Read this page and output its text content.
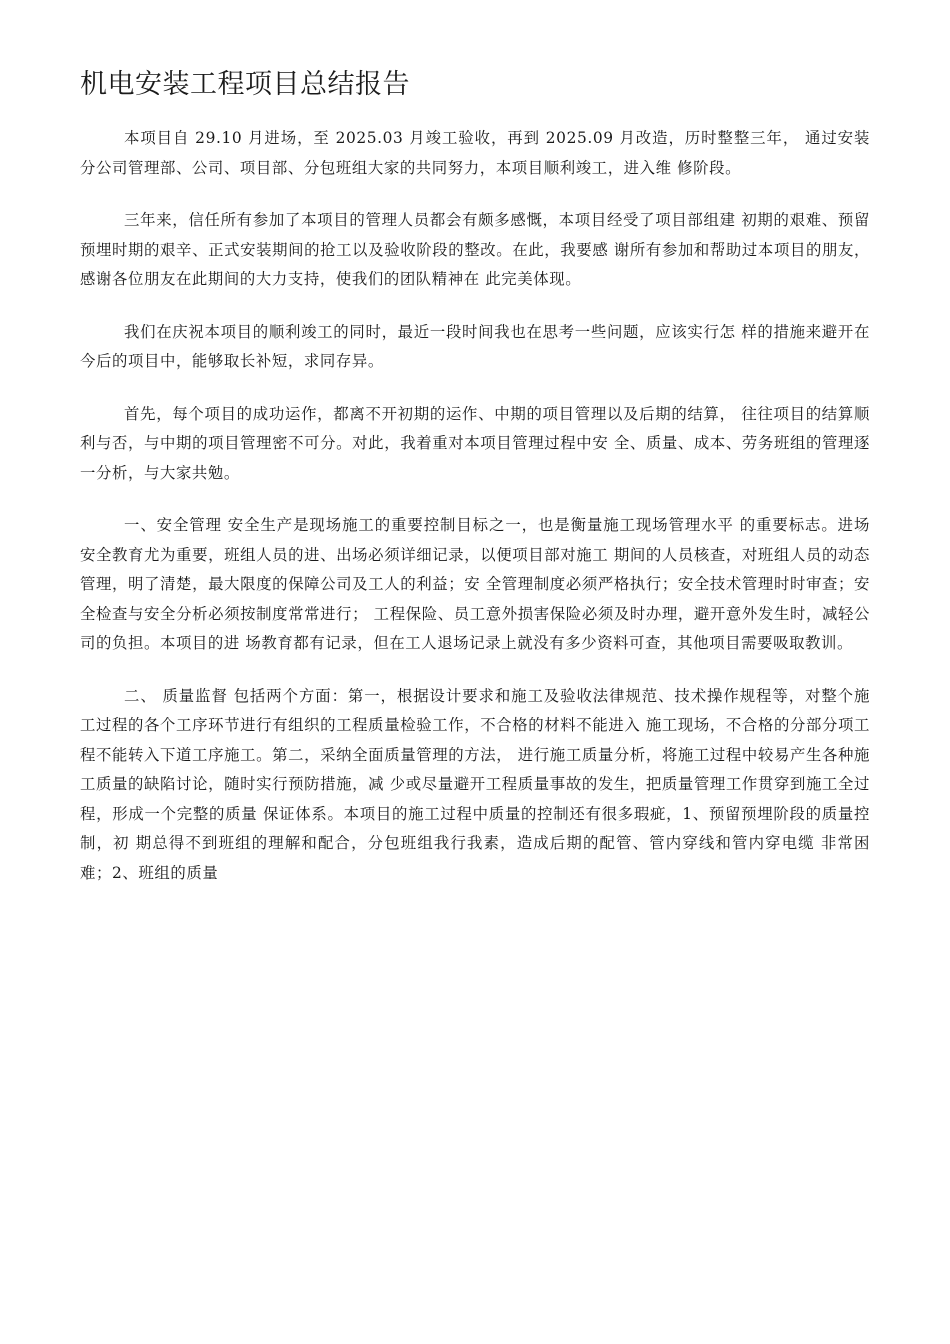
机电安装工程项目总结报告

本项目自 29.10 月进场，至 2025.03 月竣工验收，再到 2025.09 月改造，历时整整三年， 通过安装分公司管理部、公司、项目部、分包班组大家的共同努力，本项目顺利竣工，进入维 修阶段。

三年来，信任所有参加了本项目的管理人员都会有颇多感慨，本项目经受了项目部组建 初期的艰难、预留预埋时期的艰辛、正式安装期间的抢工以及验收阶段的整改。在此，我要感 谢所有参加和帮助过本项目的朋友，感谢各位朋友在此期间的大力支持，使我们的团队精神在 此完美体现。

我们在庆祝本项目的顺利竣工的同时，最近一段时间我也在思考一些问题，应该实行怎 样的措施来避开在今后的项目中，能够取长补短，求同存异。

首先，每个项目的成功运作，都离不开初期的运作、中期的项目管理以及后期的结算， 往往项目的结算顺利与否，与中期的项目管理密不可分。对此，我着重对本项目管理过程中安 全、质量、成本、劳务班组的管理逐一分析，与大家共勉。

一、安全管理 安全生产是现场施工的重要控制目标之一，也是衡量施工现场管理水平 的重要标志。进场安全教育尤为重要，班组人员的进、出场必须详细记录，以便项目部对施工 期间的人员核查，对班组人员的动态管理，明了清楚，最大限度的保障公司及工人的利益；安 全管理制度必须严格执行；安全技术管理时时审查；安全检查与安全分析必须按制度常常进行； 工程保险、员工意外损害保险必须及时办理，避开意外发生时，减轻公司的负担。本项目的进 场教育都有记录，但在工人退场记录上就没有多少资料可查，其他项目需要吸取教训。

二、 质量监督 包括两个方面：第一，根据设计要求和施工及验收法律规范、技术操作规程等，对整个施工过程的各个工序环节进行有组织的工程质量检验工作，不合格的材料不能进入 施工现场，不合格的分部分项工程不能转入下道工序施工。第二，采纳全面质量管理的方法， 进行施工质量分析，将施工过程中较易产生各种施工质量的缺陷讨论，随时实行预防措施，减 少或尽量避开工程质量事故的发生，把质量管理工作贯穿到施工全过程，形成一个完整的质量 保证体系。本项目的施工过程中质量的控制还有很多瑕疵，1、预留预埋阶段的质量控制，初 期总得不到班组的理解和配合，分包班组我行我素，造成后期的配管、管内穿线和管内穿电缆 非常困难；2、班组的质量
